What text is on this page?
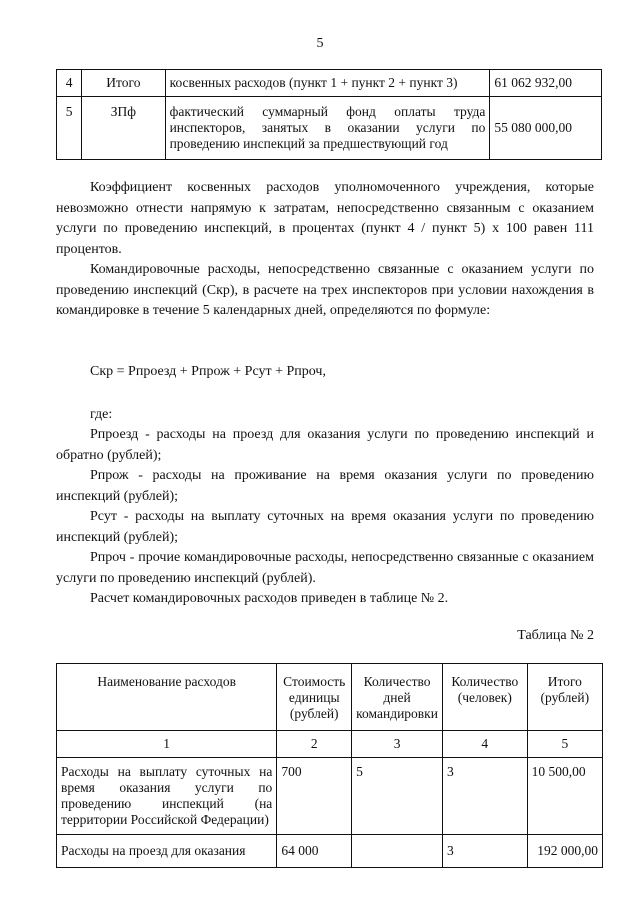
5
4	Итого	косвенных расходов (пункт 1 + пункт 2 + пункт 3)	61 062 932,00
5	ЗПф	фактический суммарный фонд оплаты труда инспекторов, занятых в оказании услуги по проведению инспекций за предшествующий год	55 080 000,00

Коэффициент косвенных расходов уполномоченного учреждения, которые невозможно отнести напрямую к затратам, непосредственно связанным с оказанием услуги по проведению инспекций, в процентах (пункт 4 / пункт 5) x 100 равен 111 процентов.

Командировочные расходы, непосредственно связанные с оказанием услуги по проведению инспекций (Скр), в расчете на трех инспекторов при условии нахождения в командировке в течение 5 календарных дней, определяются по формуле:

Скр = Рпроезд + Рпрож + Рсут + Рпроч,

где:

Рпроезд - расходы на проезд для оказания услуги по проведению инспекций и обратно (рублей);

Рпрож - расходы на проживание на время оказания услуги по проведению инспекций (рублей);

Рсут - расходы на выплату суточных на время оказания услуги по проведению инспекций (рублей);

Рпроч - прочие командировочные расходы, непосредственно связанные с оказанием услуги по проведению инспекций (рублей).

Расчет командировочных расходов приведен в таблице № 2.

Таблица № 2

Наименование расходов	Стоимость единицы (рублей)	Количество дней командировки	Количество (человек)	Итого (рублей)
1	2	3	4	5
Расходы на выплату суточных на время оказания услуги по проведению инспекций (на территории Российской Федерации)	700	5	3	10 500,00
Расходы на проезд для оказания	64 000		3	192 000,00
